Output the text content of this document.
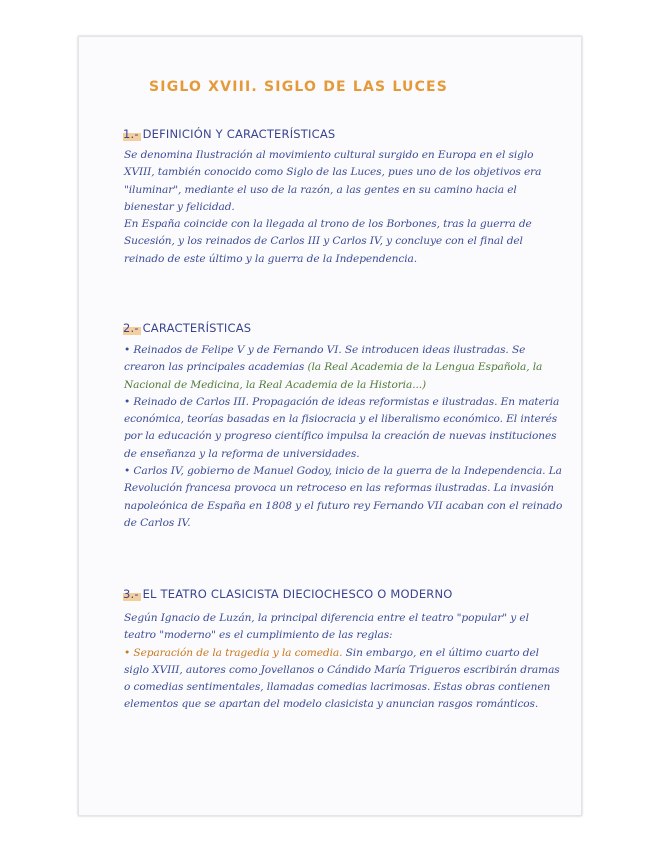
SIGLO XVIII. SIGLO DE LAS LUCES
1.- DEFINICIÓN Y CARACTERÍSTICAS

Se denomina Ilustración al movimiento cultural surgido en Europa en el siglo XVIII, también conocido como Siglo de las Luces, pues uno de los objetivos era "iluminar", mediante el uso de la razón, a las gentes en su camino hacia el bienestar y felicidad.

En España coincide con la llegada al trono de los Borbones, tras la guerra de Sucesión, y los reinados de Carlos III y Carlos IV, y concluye con el final del reinado de este último y la guerra de la Independencia.

2.- CARACTERÍSTICAS

• Reinados de Felipe V y de Fernando VI. Se introducen ideas ilustradas. Se crearon las principales academias (la Real Academia de la Lengua Española, la Nacional de Medicina, la Real Academia de la Historia...)

• Reinado de Carlos III. Propagación de ideas reformistas e ilustradas. En materia económica, teorías basadas en la fisiocracia y el liberalismo económico. El interés por la educación y progreso científico impulsa la creación de nuevas instituciones de enseñanza y la reforma de universidades.

• Carlos IV, gobierno de Manuel Godoy, inicio de la guerra de la Independencia. La Revolución francesa provoca un retroceso en las reformas ilustradas. La invasión napoleónica de España en 1808 y el futuro rey Fernando VII acaban con el reinado de Carlos IV.

3.- EL TEATRO CLASICISTA DIECIOCHESCO O MODERNO

Según Ignacio de Luzán, la principal diferencia entre el teatro "popular" y el teatro "moderno" es el cumplimiento de las reglas:

• Separación de la tragedia y la comedia. Sin embargo, en el último cuarto del siglo XVIII, autores como Jovellanos o Cándido María Trigueros escribirán dramas o comedias sentimentales, llamadas comedias lacrimosas. Estas obras contienen elementos que se apartan del modelo clasicista y anuncian rasgos románticos.
